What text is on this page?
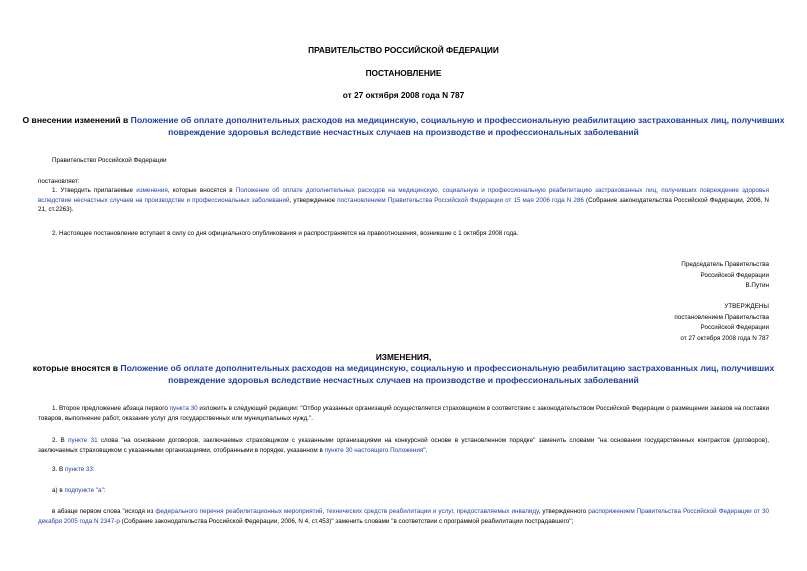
ПРАВИТЕЛЬСТВО РОССИЙСКОЙ ФЕДЕРАЦИИ
ПОСТАНОВЛЕНИЕ
от 27 октября 2008 года N 787
О внесении изменений в Положение об оплате дополнительных расходов на медицинскую, социальную и профессиональную реабилитацию застрахованных лиц, получивших повреждение здоровья вследствие несчастных случаев на производстве и профессиональных заболеваний
Правительство Российской Федерации
постановляет:
1. Утвердить прилагаемые изменения, которые вносятся в Положение об оплате дополнительных расходов на медицинскую, социальную и профессиональную реабилитацию застрахованных лиц, получивших повреждение здоровья вследствие несчастных случаев на производстве и профессиональных заболеваний, утвержденное постановлением Правительства Российской Федерации от 15 мая 2006 года N 286 (Собрание законодательства Российской Федерации, 2006, N 21, ст.2263).
2. Настоящее постановление вступает в силу со дня официального опубликования и распространяется на правоотношения, возникшие с 1 октября 2008 года.
Председатель Правительства
Российской Федерации
В.Путин
УТВЕРЖДЕНЫ
постановлением Правительства
Российской Федерации
от 27 октября 2008 года N 787
ИЗМЕНЕНИЯ,
которые вносятся в Положение об оплате дополнительных расходов на медицинскую, социальную и профессиональную реабилитацию застрахованных лиц, получивших повреждение здоровья вследствие несчастных случаев на производстве и профессиональных заболеваний
1. Второе предложение абзаца первого пункта 30 изложить в следующей редакции: "Отбор указанных организаций осуществляется страховщиком в соответствии с законодательством Российской Федерации о размещении заказов на поставки товаров, выполнение работ, оказание услуг для государственных или муниципальных нужд.".
2. В пункте 31 слова "на основании договоров, заключаемых страховщиком с указанными организациями на конкурсной основе в установленном порядке" заменить словами "на основании государственных контрактов (договоров), заключаемых страховщиком с указанными организациями, отобранными в порядке, указанном в пункте 30 настоящего Положения".
3. В пункте 33:
а) в подпункте "а":
в абзаце первом слова "исходя из федерального перечня реабилитационных мероприятий, технических средств реабилитации и услуг, предоставляемых инвалиду, утвержденного распоряжением Правительства Российской Федерации от 30 декабря 2005 года N 2347-р (Собрание законодательства Российской Федерации, 2006, N 4, ст.453)" заменить словами "в соответствии с программой реабилитации пострадавшего";
